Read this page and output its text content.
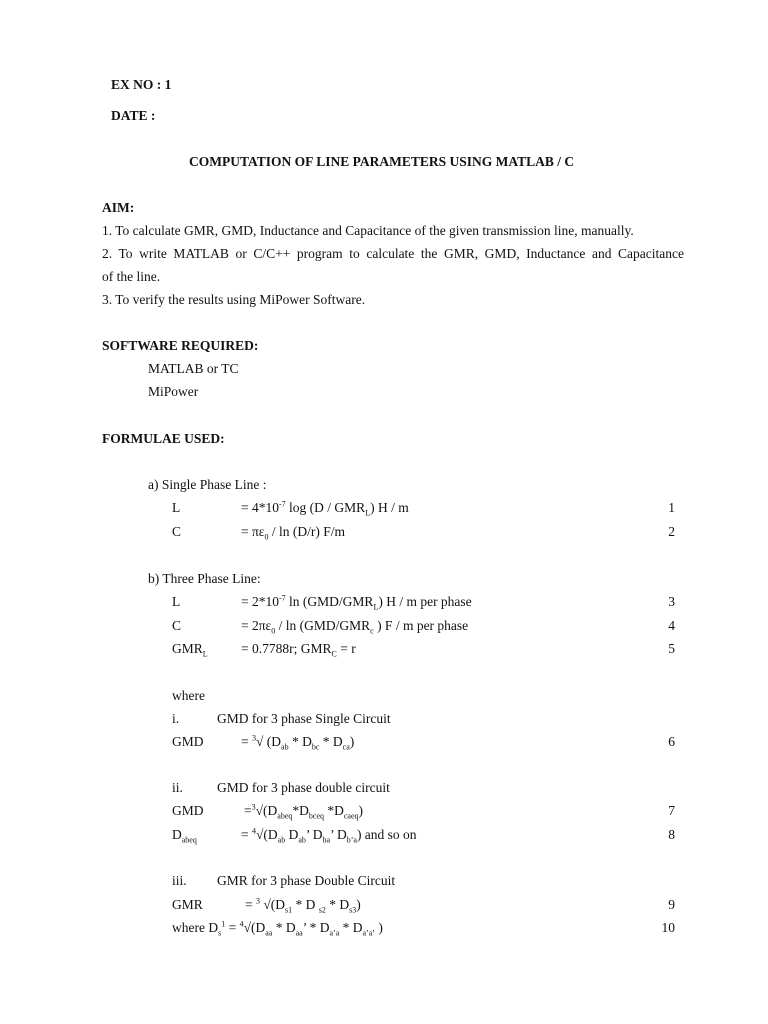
EX NO : 1
DATE :
COMPUTATION OF LINE PARAMETERS USING MATLAB / C
AIM:
1. To calculate GMR, GMD, Inductance and Capacitance of the given transmission line, manually.
2. To write MATLAB or C/C++ program to calculate the GMR, GMD, Inductance and Capacitance
of the line.
3. To verify the results using MiPower Software.
SOFTWARE REQUIRED:
MATLAB or TC
MiPower
FORMULAE USED:
a) Single Phase Line :
L	= $4*10^{-7}$ $\log (D / GMR_L)$ H / m	1
C	= $\pi\varepsilon_0$ / ln (D/r) F/m	2
b) Three Phase Line:
L	= $2*10^{-7}$ $\ln (GMD/GMR_L)$ H / m per phase	3
C	= $2\pi\varepsilon_0$ / $\ln (GMD/GMR_c$ ) F / m per phase	4
$GMR_L = 0.7788r$; $GMR_C = r$	5
where
i.	GMD for 3 phase Single Circuit
GMD	= $^3$√ $(D_{ab} * D_{bc} * D_{ca})$	6
ii.	GMD for 3 phase double circuit
GMD	$=^3√(D_{abeq}*D_{bceq}$ $*D_{caeq}$)	7
$D_{abeq}$	= $^4√(D_{ab}$ $D_{ab}$’ $D_{ba}$’ $D_{b’a}$) and so on	8
iii. GMR for 3 phase Double Circuit
GMR	= $^3$ $√(D_{s1}$ * D $_{s2} * D_{s3}$)	9
where $D_s^1 = ^4√(D_{aa} * D_{aa}$’ * $D_{a’a} * D_{a’a’}$ )	10
